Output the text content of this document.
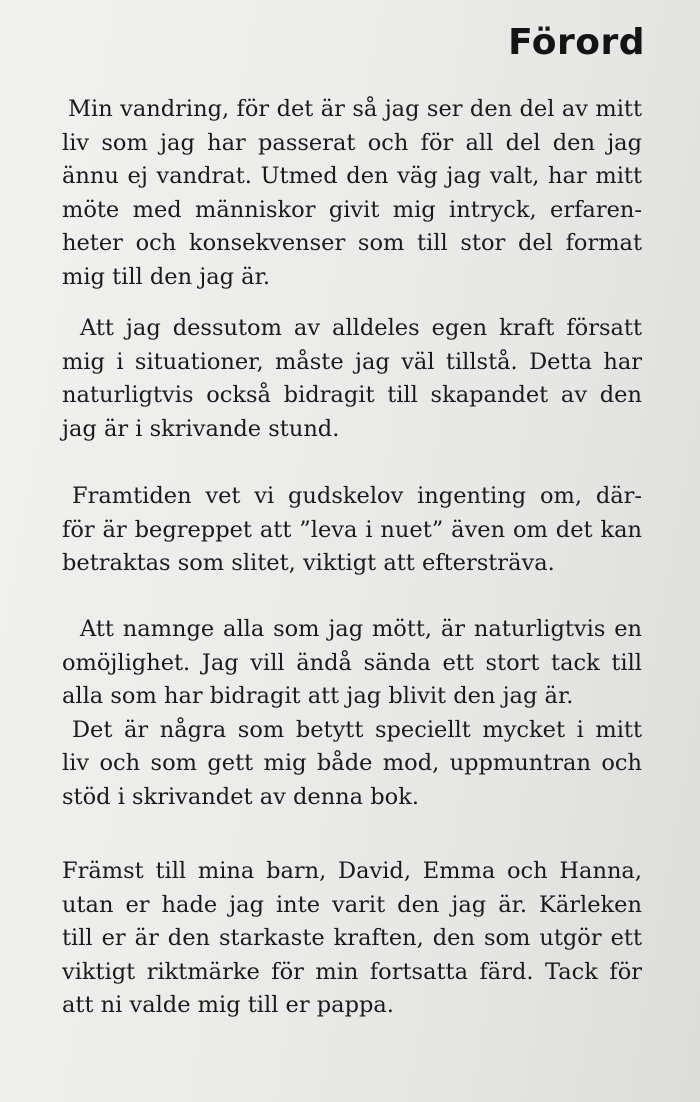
Förord
Min vandring, för det är så jag ser den del av mitt
liv som jag har passerat och för all del den jag
ännu ej vandrat. Utmed den väg jag valt, har mitt
möte med människor givit mig intryck, erfaren-
heter och konsekvenser som till stor del format
mig till den jag är.
Att jag dessutom av alldeles egen kraft försatt
mig i situationer, måste jag väl tillstå. Detta har
naturligtvis också bidragit till skapandet av den
jag är i skrivande stund.
Framtiden vet vi gudskelov ingenting om, där-
för är begreppet att ”leva i nuet” även om det kan
betraktas som slitet, viktigt att eftersträva.
Att namnge alla som jag mött, är naturligtvis en
omöjlighet. Jag vill ändå sända ett stort tack till
alla som har bidragit att jag blivit den jag är.
Det är några som betytt speciellt mycket i mitt
liv och som gett mig både mod, uppmuntran och
stöd i skrivandet av denna bok.
Främst till mina barn, David, Emma och Hanna,
utan er hade jag inte varit den jag är. Kärleken
till er är den starkaste kraften, den som utgör ett
viktigt riktmärke för min fortsatta färd. Tack för
att ni valde mig till er pappa.
